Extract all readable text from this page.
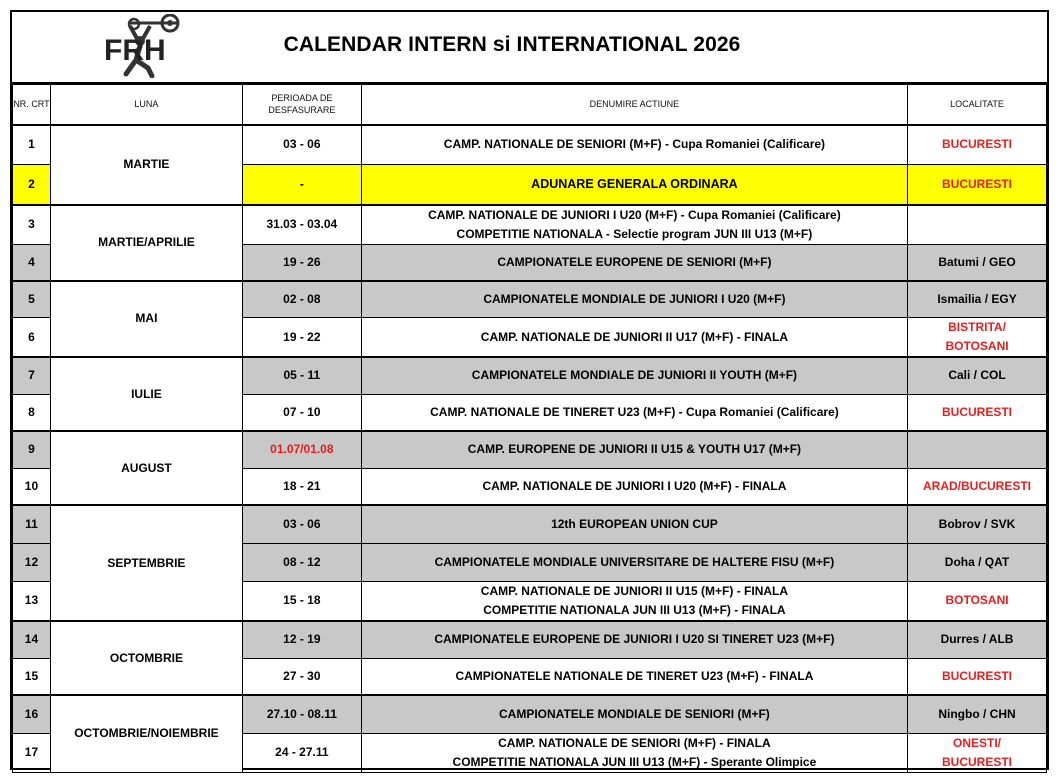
FRH	CALENDAR INTERN si INTERNATIONAL 2026
NR. CRT	LUNA	PERIOADA DE DESFASURARE	DENUMIRE ACTIUNE	LOCALITATE
1	MARTIE	03 - 06	CAMP. NATIONALE DE SENIORI (M+F) - Cupa Romaniei (Calificare)	BUCURESTI
2		-	ADUNARE GENERALA ORDINARA	BUCURESTI
3	MARTIE/APRILIE	31.03 - 03.04	CAMP. NATIONALE DE JUNIORI I U20 (M+F) - Cupa Romaniei (Calificare)
COMPETITIE NATIONALA - Selectie program JUN III U13 (M+F)	

4		19 - 26	CAMPIONATELE EUROPENE DE SENIORI (M+F)	Batumi / GEO
5	MAI	02 - 08	CAMPIONATELE MONDIALE DE JUNIORI I U20 (M+F)	Ismailia / EGY
6		19 - 22	CAMP. NATIONALE DE JUNIORI II U17 (M+F) - FINALA	BISTRITA/
BOTOSANI

7	IULIE	05 - 11	CAMPIONATELE MONDIALE DE JUNIORI II YOUTH (M+F)	Cali / COL
8		07 - 10	CAMP. NATIONALE DE TINERET U23 (M+F) - Cupa Romaniei (Calificare)	BUCURESTI
9	AUGUST	01.07/01.08	CAMP. EUROPENE DE JUNIORI II U15 & YOUTH U17 (M+F)	
10		18 - 21	CAMP. NATIONALE DE JUNIORI I U20 (M+F) - FINALA	ARAD/BUCURESTI
11	SEPTEMBRIE	03 - 06	12th EUROPEAN UNION CUP	Bobrov / SVK
12		08 - 12	CAMPIONATELE MONDIALE UNIVERSITARE DE HALTERE FISU (M+F)	Doha / QAT
13		15 - 18	CAMP. NATIONALE DE JUNIORI II U15 (M+F) - FINALA
COMPETITIE NATIONALA JUN III U13 (M+F) - FINALA	BOTOSANI
14	OCTOMBRIE	12 - 19	CAMPIONATELE EUROPENE DE JUNIORI I U20 SI TINERET U23 (M+F)	Durres / ALB
15		27 - 30	CAMPIONATELE NATIONALE DE TINERET U23 (M+F) - FINALA	BUCURESTI
16	OCTOMBRIE/NOIEMBRIE	27.10 - 08.11	CAMPIONATELE MONDIALE DE SENIORI (M+F)	Ningbo / CHN
17		24 - 27.11	CAMP. NATIONALE DE SENIORI (M+F) - FINALA
COMPETITIE NATIONALA JUN III U13 (M+F) - Sperante Olimpice	ONESTI/
BUCURESTI
